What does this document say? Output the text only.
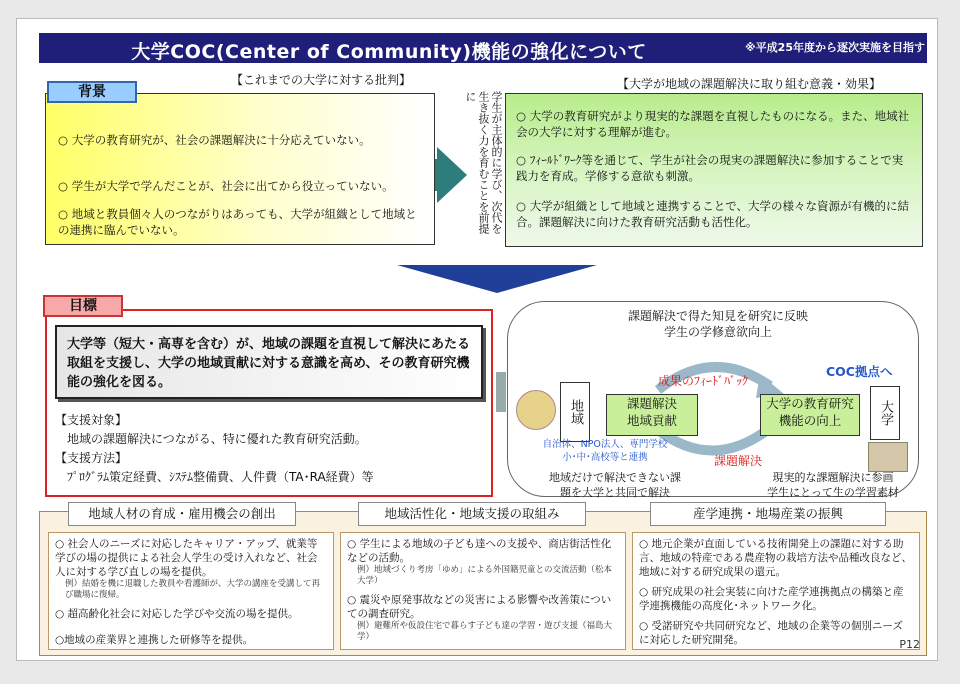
大学COC(Center of Community)機能の強化について	※平成25年度から逐次実施を目指す
【これまでの大学に対する批判】
○ 大学の教育研究が、社会の課題解決に十分応えていない。
○ 学生が大学で学んだことが、社会に出てから役立っていない。
○ 地域と教員個々人のつながりはあっても、大学が組織として地域との連携に臨んでいない。
背景	学生が主体的に学び、次代を生き抜く力を育むことを前提に
【大学が地域の課題解決に取り組む意義・効果】
○ 大学の教育研究がより現実的な課題を直視したものになる。また、地域社会の大学に対する理解が進む。
○ ﾌｨｰﾙﾄﾞﾜｰｸ等を通じて、学生が社会の現実の課題解決に参加することで実践力を育成。学修する意欲も刺激。
○ 大学が組織として地域と連携することで、大学の様々な資源が有機的に結合。課題解決に向けた教育研究活動も活性化。
大学等（短大・高専を含む）が、地域の課題を直視して解決にあたる取組を支援し、大学の地域貢献に対する意識を高め、その教育研究機能の強化を図る。
【支援対象】
地域の課題解決につながる、特に優れた教育研究活動。
【支援方法】
ﾌﾟﾛｸﾞﾗﾑ策定経費、ｼｽﾃﾑ整備費、人件費（TA･RA経費）等
目標
課題解決で得た知見を研究に反映
学生の学修意欲向上
成果のﾌｨｰﾄﾞﾊﾞｯｸ
COC拠点へ
地域	大学
課題解決
地域貢献
大学の教育研究
機能の向上
自治体、NPO法人、専門学校
小･中･高校等と連携	課題解決
地域だけで解決できない課
題を大学と共同で解決
現実的な課題解決に参画
学生にとって生の学習素材
地域人材の育成・雇用機会の創出	地域活性化・地域支援の取組み	産学連携・地場産業の振興
○ 社会人のニーズに対応したキャリア・アップ、就業等学びの場の提供による社会人学生の受け入れなど、社会人に対する学び直しの場を提供。
例）結婚を機に退職した教員や看護師が、大学の講座を受講して再び職場に復帰。
○ 超高齢化社会に対応した学びや交流の場を提供。
○地域の産業界と連携した研修等を提供。
○ 学生による地域の子ども達への支援や、商店街活性化などの活動。
例）地域づくり考房「ゆめ」による外国籍児童との交流活動（松本大学）
○ 震災や原発事故などの災害による影響や改善策についての調査研究。
例）避難所や仮設住宅で暮らす子ども達の学習・遊び支援（福島大学）
○ 地元企業が直面している技術開発上の課題に対する助言、地域の特産である農産物の栽培方法や品種改良など、地域に対する研究成果の還元。
○ 研究成果の社会実装に向けた産学連携拠点の構築と産学連携機能の高度化･ネットワーク化。
○ 受諾研究や共同研究など、地域の企業等の個別ニーズに対応した研究開発。	P12
